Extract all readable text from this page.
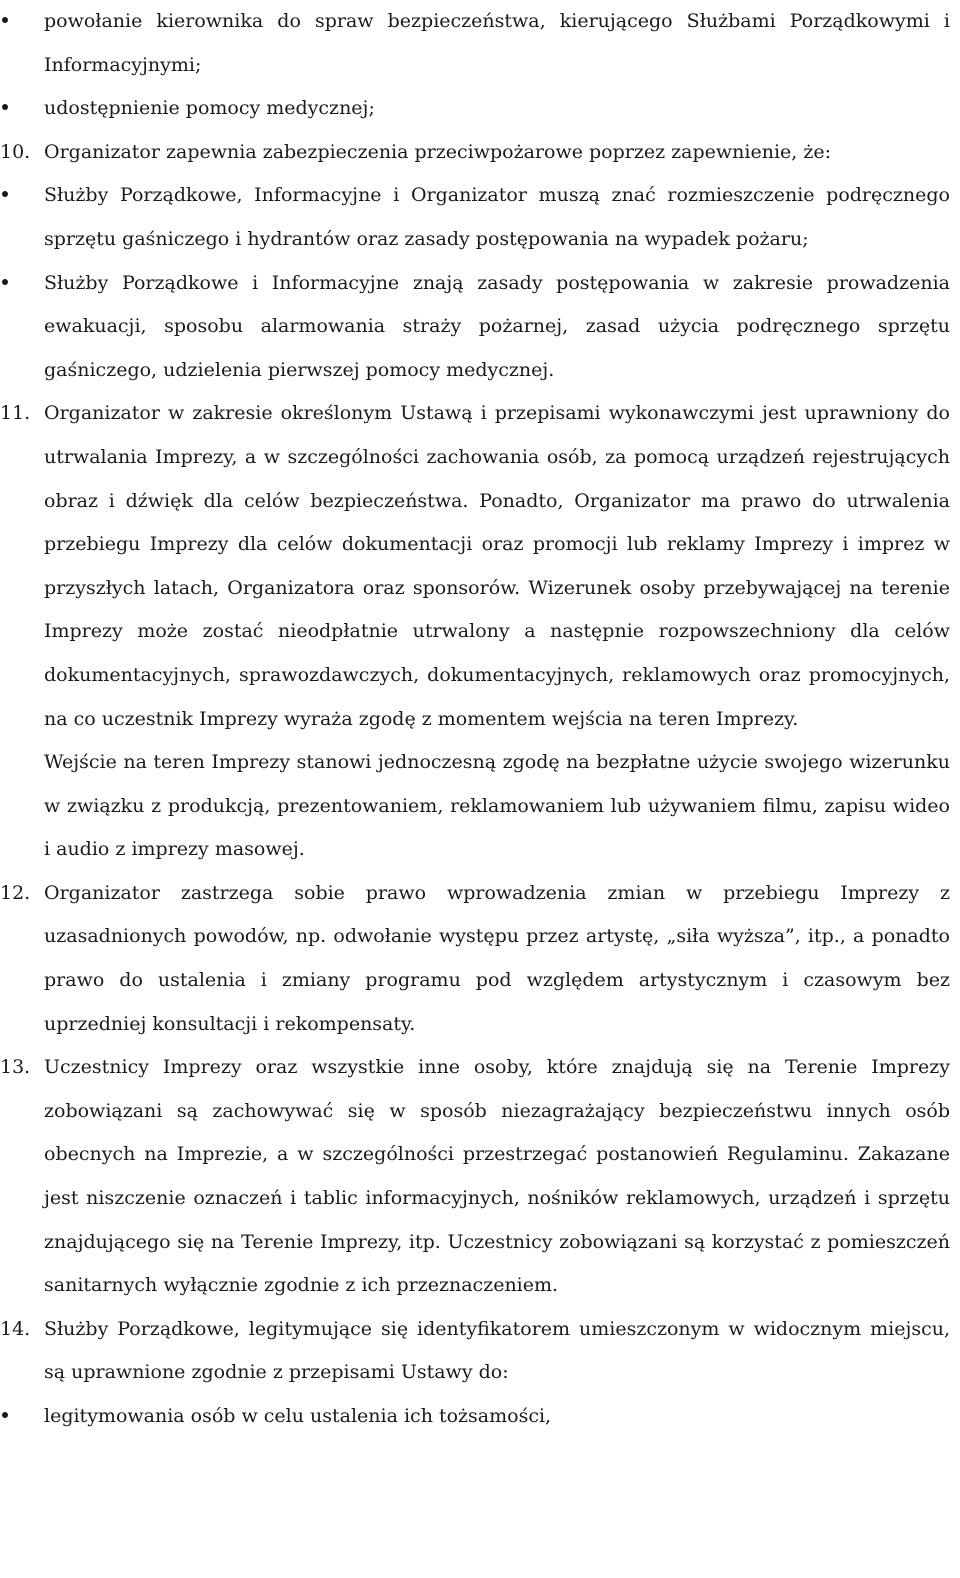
powołanie kierownika do spraw bezpieczeństwa, kierującego Służbami Porządkowymi i Informacyjnymi;

udostępnienie pomocy medycznej;

10. Organizator zapewnia zabezpieczenia przeciwpożarowe poprzez zapewnienie, że:

Służby Porządkowe, Informacyjne i Organizator muszą znać rozmieszczenie podręcznego sprzętu gaśniczego i hydrantów oraz zasady postępowania na wypadek pożaru;

Służby Porządkowe i Informacyjne znają zasady postępowania w zakresie prowadzenia ewakuacji, sposobu alarmowania straży pożarnej, zasad użycia podręcznego sprzętu gaśniczego, udzielenia pierwszej pomocy medycznej.

11. Organizator w zakresie określonym Ustawą i przepisami wykonawczymi jest uprawniony do utrwalania Imprezy, a w szczególności zachowania osób, za pomocą urządzeń rejestrujących obraz i dźwięk dla celów bezpieczeństwa. Ponadto, Organizator ma prawo do utrwalenia przebiegu Imprezy dla celów dokumentacji oraz promocji lub reklamy Imprezy i imprez w przyszłych latach, Organizatora oraz sponsorów. Wizerunek osoby przebywającej na terenie Imprezy może zostać nieodpłatnie utrwalony a następnie rozpowszechniony dla celów dokumentacyjnych, sprawozdawczych, dokumentacyjnych, reklamowych oraz promocyjnych, na co uczestnik Imprezy wyraża zgodę z momentem wejścia na teren Imprezy.

Wejście na teren Imprezy stanowi jednoczesną zgodę na bezpłatne użycie swojego wizerunku w związku z produkcją, prezentowaniem, reklamowaniem lub używaniem filmu, zapisu wideo i audio z imprezy masowej.

12. Organizator zastrzega sobie prawo wprowadzenia zmian w przebiegu Imprezy z uzasadnionych powodów, np. odwołanie występu przez artystę, „siła wyższa”, itp., a ponadto prawo do ustalenia i zmiany programu pod względem artystycznym i czasowym bez uprzedniej konsultacji i rekompensaty.

13. Uczestnicy Imprezy oraz wszystkie inne osoby, które znajdują się na Terenie Imprezy zobowiązani są zachowywać się w sposób niezagrażający bezpieczeństwu innych osób obecnych na Imprezie, a w szczególności przestrzegać postanowień Regulaminu. Zakazane jest niszczenie oznaczeń i tablic informacyjnych, nośników reklamowych, urządzeń i sprzętu znajdującego się na Terenie Imprezy, itp. Uczestnicy zobowiązani są korzystać z pomieszczeń sanitarnych wyłącznie zgodnie z ich przeznaczeniem.

14. Służby Porządkowe, legitymujące się identyfikatorem umieszczonym w widocznym miejscu, są uprawnione zgodnie z przepisami Ustawy do:

legitymowania osób w celu ustalenia ich tożsamości,
